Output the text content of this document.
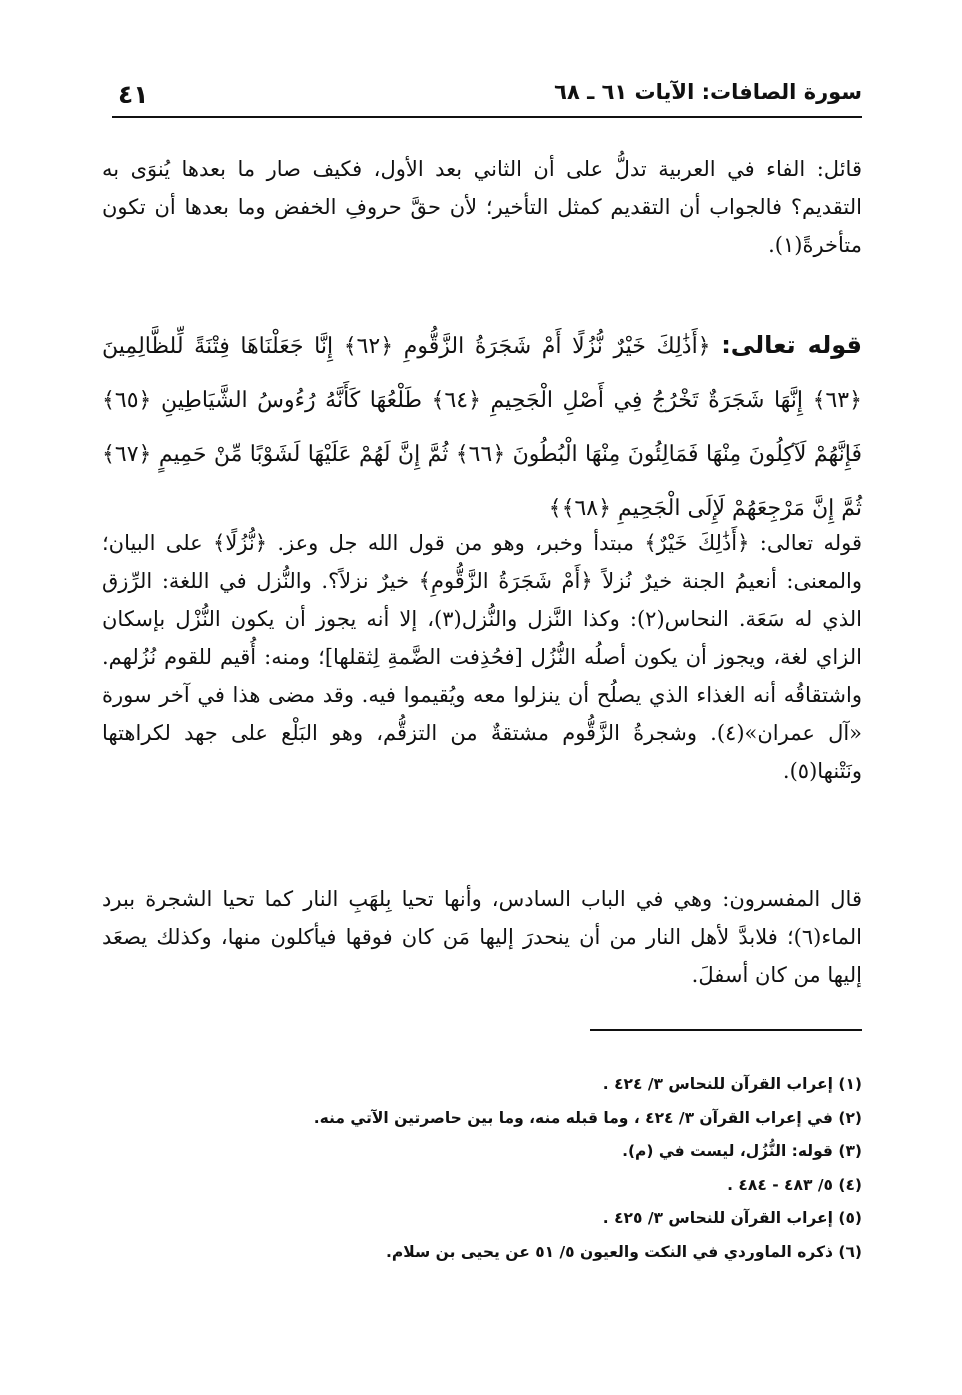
سورة الصافات: الآيات ٦١ ـ ٦٨
٤١

قائل: الفاء في العربية تدلُّ على أن الثاني بعد الأول، فكيف صار ما بعدها يُنوَى به التقديم؟ فالجواب أن التقديم كمثل التأخير؛ لأن حقَّ حروفِ الخفض وما بعدها أن تكون متأخرةً(١).

قوله تعالى: ﴿أَذَٰلِكَ خَيْرٌ نُّزُلًا أَمْ شَجَرَةُ الزَّقُّومِ ﴿٦٢﴾ إِنَّا جَعَلْنَاهَا فِتْنَةً لِّلظَّالِمِينَ ﴿٦٣﴾ إِنَّهَا شَجَرَةٌ تَخْرُجُ فِي أَصْلِ الْجَحِيمِ ﴿٦٤﴾ طَلْعُهَا كَأَنَّهُ رُءُوسُ الشَّيَاطِينِ ﴿٦٥﴾ فَإِنَّهُمْ لَآكِلُونَ مِنْهَا فَمَالِئُونَ مِنْهَا الْبُطُونَ ﴿٦٦﴾ ثُمَّ إِنَّ لَهُمْ عَلَيْهَا لَشَوْبًا مِّنْ حَمِيمٍ ﴿٦٧﴾ ثُمَّ إِنَّ مَرْجِعَهُمْ لَإِلَى الْجَحِيمِ ﴿٦٨﴾﴾

قوله تعالى: ﴿أَذَٰلِكَ خَيْرٌ﴾ مبتدأ وخبر، وهو من قول الله جل وعز. ﴿نُّزُلًا﴾ على البيان؛ والمعنى: أنعيمُ الجنة خيرٌ نُزلاً ﴿أَمْ شَجَرَةُ الزَّقُّومِ﴾ خيرٌ نزلاً؟. والنُّزل في اللغة: الرِّزق الذي له سَعَة. النحاس(٢): وكذا النَّزل والنُّزل(٣)، إلا أنه يجوز أن يكون النُّزْل بإسكان الزاي لغة، ويجوز أن يكون أصلُه النُّزُل [فحُذِفت الضَّمةِ لِثقلها]؛ ومنه: أُقيم للقوم نُزُلهم. واشتقاقُه أنه الغذاء الذي يصلُح أن ينزلوا معه ويُقيموا فيه. وقد مضى هذا في آخر سورة «آل عمران»(٤). وشجرةُ الزَّقُّوم مشتقةٌ من التزقُّم، وهو البَلْع على جهد لكراهتها ونَتْنها(٥).

قال المفسرون: وهي في الباب السادس، وأنها تحيا بِلهَبِ النار كما تحيا الشجرة ببرد الماء(٦)؛ فلابدَّ لأهل النار من أن ينحدرَ إليها مَن كان فوقها فيأكلون منها، وكذلك يصعَد إليها من كان أسفلَ.

(١) إعراب القرآن للنحاس ٣/ ٤٢٤ .
(٢) في إعراب القرآن ٣/ ٤٢٤ ، وما قبله منه، وما بين حاصرتين الآتي منه.
(٣) قوله: النُّزُل، ليست في (م).
(٤) ٥/ ٤٨٣ - ٤٨٤ .
(٥) إعراب القرآن للنحاس ٣/ ٤٢٥ .
(٦) ذكره الماوردي في النكت والعيون ٥/ ٥١ عن يحيى بن سلام.
